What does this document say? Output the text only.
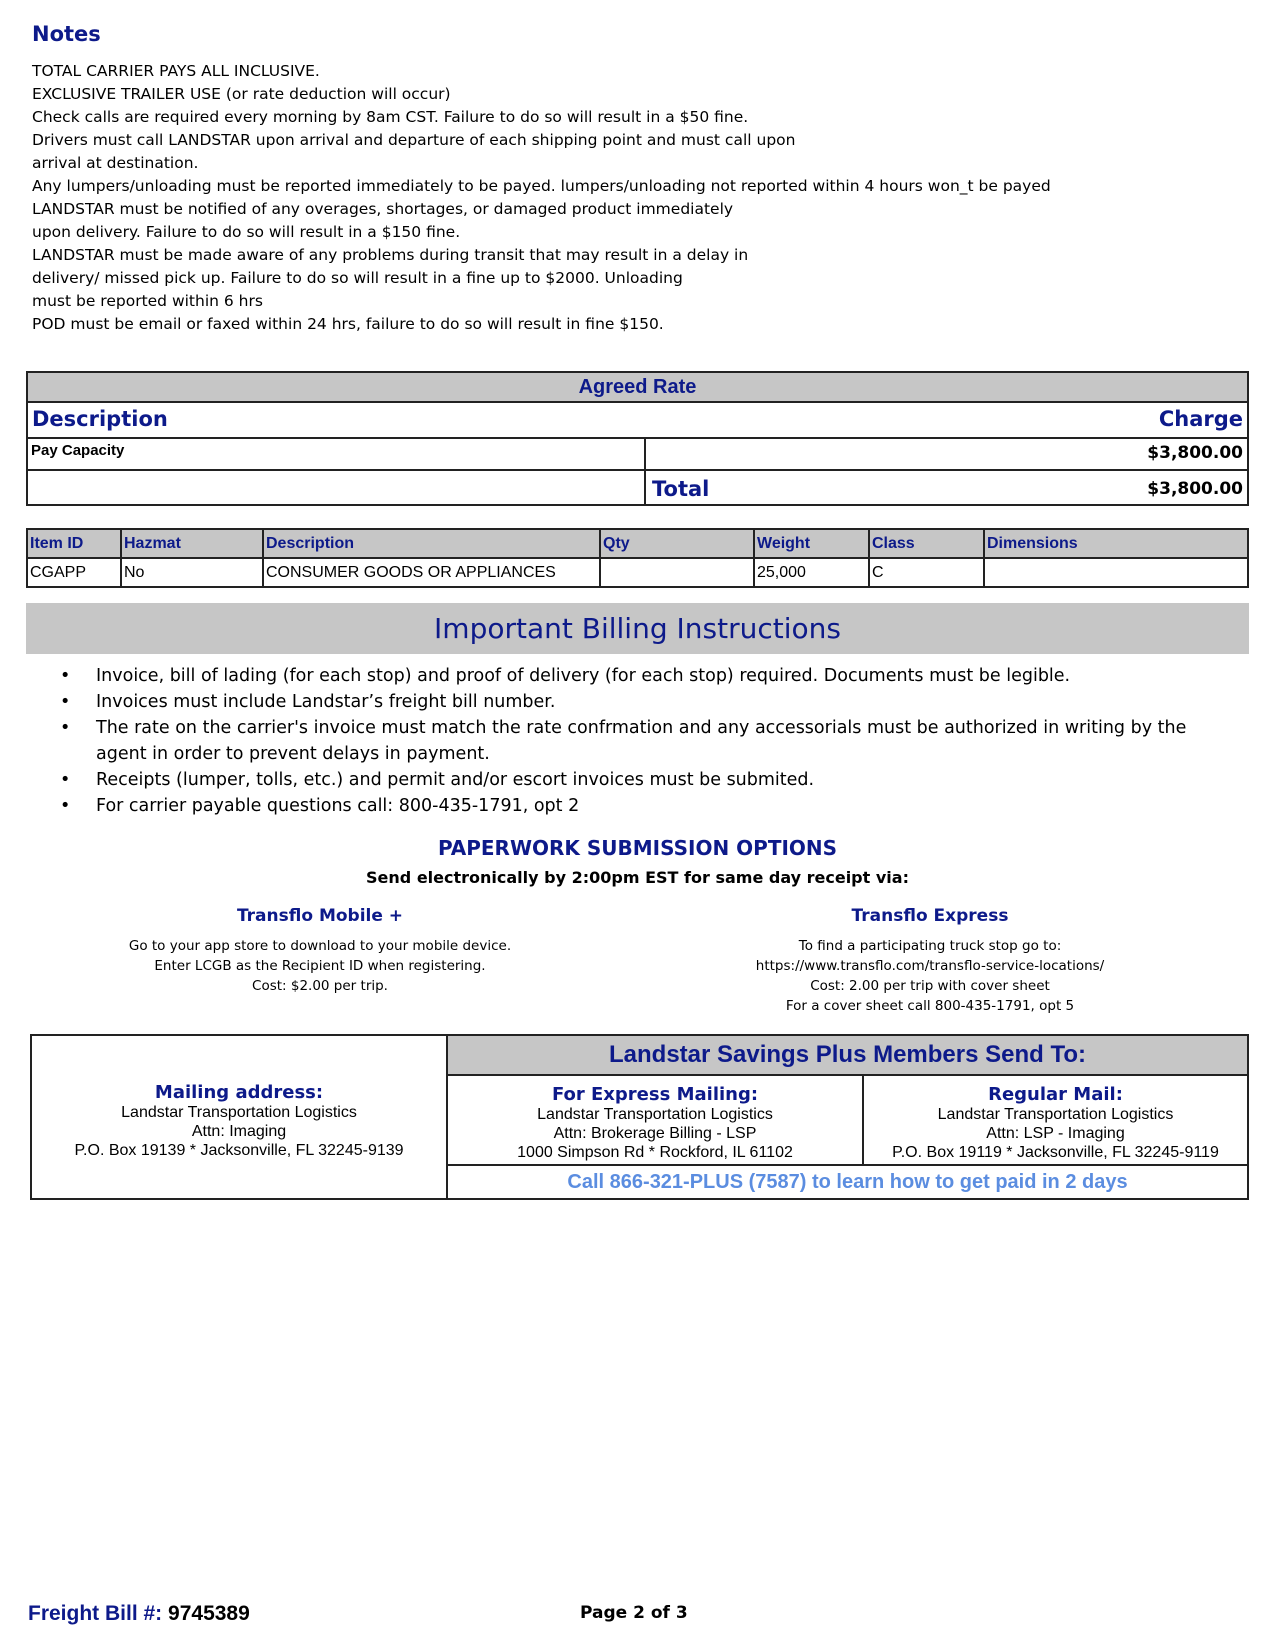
Notes
TOTAL CARRIER PAYS ALL INCLUSIVE.
EXCLUSIVE TRAILER USE (or rate deduction will occur)
Check calls are required every morning by 8am CST. Failure to do so will result in a $50 fine.
Drivers must call LANDSTAR upon arrival and departure of each shipping point and must call upon
arrival at destination.
Any lumpers/unloading must be reported immediately to be payed. lumpers/unloading not reported within 4 hours won_t be payed
LANDSTAR must be notified of any overages, shortages, or damaged product immediately
upon delivery. Failure to do so will result in a $150 fine.
LANDSTAR must be made aware of any problems during transit that may result in a delay in
delivery/ missed pick up. Failure to do so will result in a fine up to $2000. Unloading
must be reported within 6 hrs
POD must be email or faxed within 24 hrs, failure to do so will result in fine $150.
Agreed Rate
Description	Charge
Pay Capacity	$3,800.00
Total	$3,800.00
Item ID	Hazmat	Description	Qty	Weight	Class	Dimensions
CGAPP	No	CONSUMER GOODS OR APPLIANCES		25,000	C	
Important Billing Instructions
• Invoice, bill of lading (for each stop) and proof of delivery (for each stop) required. Documents must be legible.
• Invoices must include Landstar’s freight bill number.
• The rate on the carrier's invoice must match the rate confrmation and any accessorials must be authorized in writing by the agent in order to prevent delays in payment.
• Receipts (lumper, tolls, etc.) and permit and/or escort invoices must be submited.
• For carrier payable questions call: 800-435-1791, opt 2
PAPERWORK SUBMISSION OPTIONS
Send electronically by 2:00pm EST for same day receipt via:
Transflo Mobile +
Go to your app store to download to your mobile device.
Enter LCGB as the Recipient ID when registering.
Cost: $2.00 per trip.
Transflo Express
To find a participating truck stop go to:
https://www.transflo.com/transflo-service-locations/
Cost: 2.00 per trip with cover sheet
For a cover sheet call 800-435-1791, opt 5
Mailing address:
Landstar Transportation Logistics
Attn: Imaging
P.O. Box 19139 * Jacksonville, FL 32245-9139
Landstar Savings Plus Members Send To:
For Express Mailing:
Landstar Transportation Logistics
Attn: Brokerage Billing - LSP
1000 Simpson Rd * Rockford, IL 61102
Regular Mail:
Landstar Transportation Logistics
Attn: LSP - Imaging
P.O. Box 19119 * Jacksonville, FL 32245-9119
Call 866-321-PLUS (7587) to learn how to get paid in 2 days
Freight Bill #: 9745389	Page 2 of 3
